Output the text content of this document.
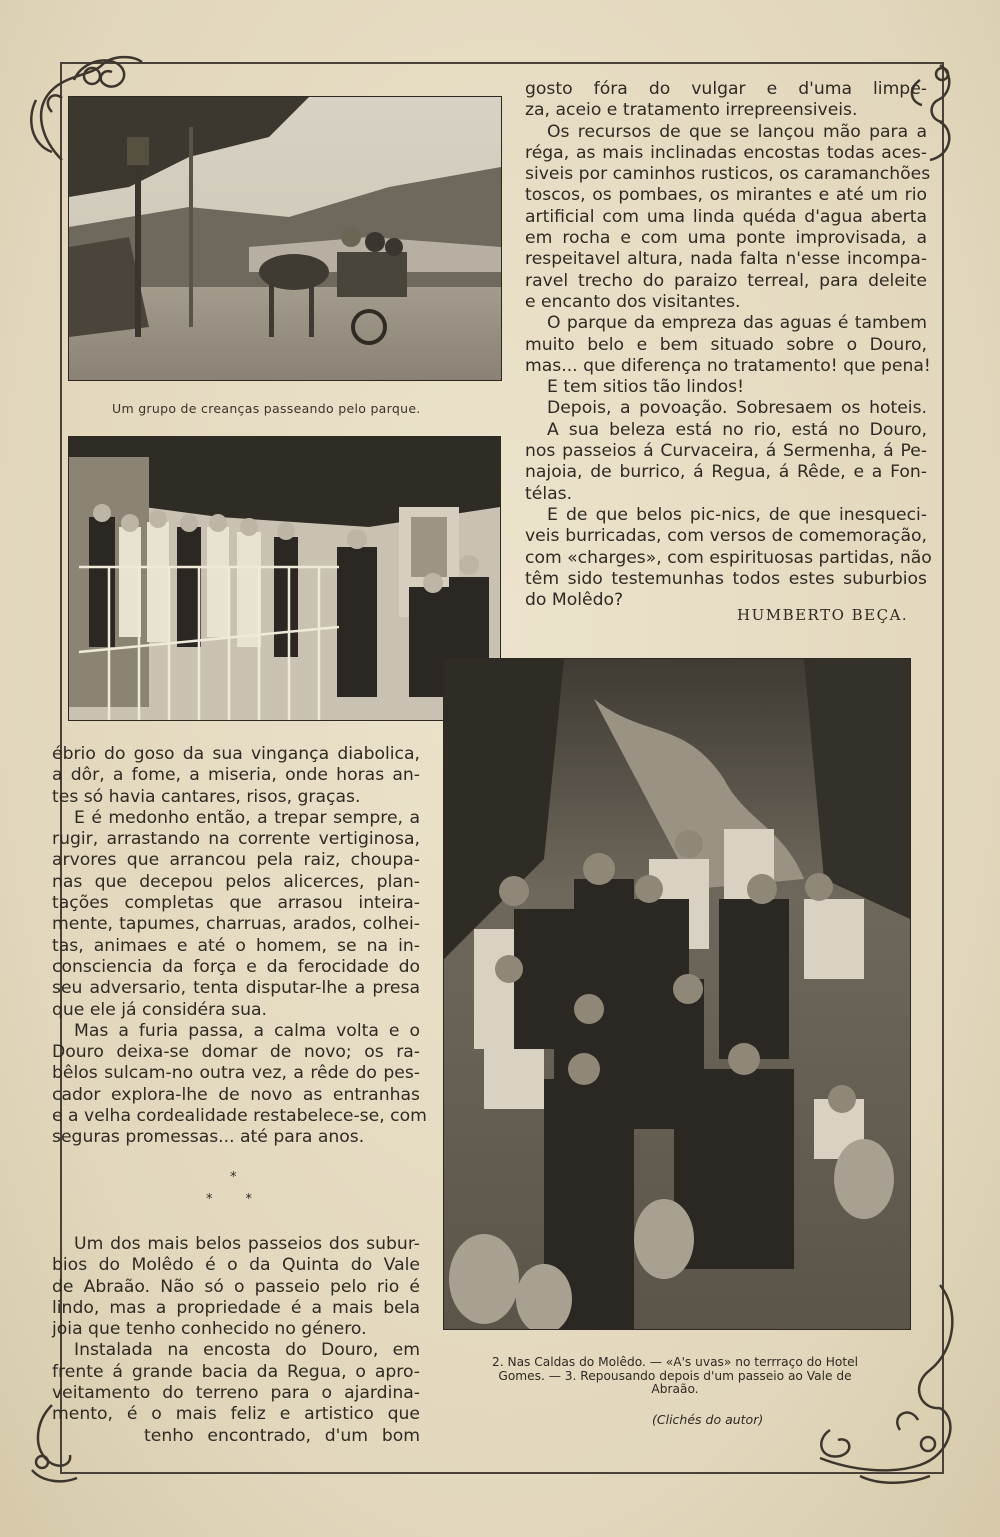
Um grupo de creanças passeando pelo parque.
gosto fóra do vulgar e d'uma limpe-
za, aceio e tratamento irrepreensiveis.
Os recursos de que se lançou mão para a
réga, as mais inclinadas encostas todas aces-
siveis por caminhos rusticos, os caramanchões
toscos, os pombaes, os mirantes e até um rio
artificial com uma linda quéda d'agua aberta
em rocha e com uma ponte improvisada, a
respeitavel altura, nada falta n'esse incompa-
ravel trecho do paraizo terreal, para deleite
e encanto dos visitantes.
O parque da empreza das aguas é tambem
muito belo e bem situado sobre o Douro,
mas... que diferença no tratamento! que pena!
E tem sitios tão lindos!
Depois, a povoação. Sobresaem os hoteis.
A sua beleza está no rio, está no Douro,
nos passeios á Curvaceira, á Sermenha, á Pe-
najoia, de burrico, á Regua, á Rêde, e a Fon-
télas.
E de que belos pic-nics, de que inesqueci-
veis burricadas, com versos de comemoração,
com «charges», com espirituosas partidas, não
têm sido testemunhas todos estes suburbios
do Molêdo?
HUMBERTO BEÇA.
ébrio do goso da sua vingança diabolica,
a dôr, a fome, a miseria, onde horas an-
tes só havia cantares, risos, graças.
E é medonho então, a trepar sempre, a
rugir, arrastando na corrente vertiginosa,
arvores que arrancou pela raiz, choupa-
nas que decepou pelos alicerces, plan-
tações completas que arrasou inteira-
mente, tapumes, charruas, arados, colhei-
tas, animaes e até o homem, se na in-
consciencia da força e da ferocidade do
seu adversario, tenta disputar-lhe a presa
que ele já considéra sua.
Mas a furia passa, a calma volta e o
Douro deixa-se domar de novo; os ra-
bêlos sulcam-no outra vez, a rêde do pes-
cador explora-lhe de novo as entranhas
e a velha cordealidade restabelece-se, com
seguras promessas... até para anos.
*
*        *
Um dos mais belos passeios dos subur-
bios do Molêdo é o da Quinta do Vale
de Abraão. Não só o passeio pelo rio é
lindo, mas a propriedade é a mais bela
joia que tenho conhecido no género.
Instalada na encosta do Douro, em
frente á grande bacia da Regua, o apro-
veitamento do terreno para o ajardina-
mento, é o mais feliz e artistico que
tenho encontrado, d'um bom
2. Nas Caldas do Molêdo. — «A's uvas» no terrraço do Hotel
Gomes. — 3. Repousando depois d'um passeio ao Vale de
Abraão.
(Clichés do autor)
